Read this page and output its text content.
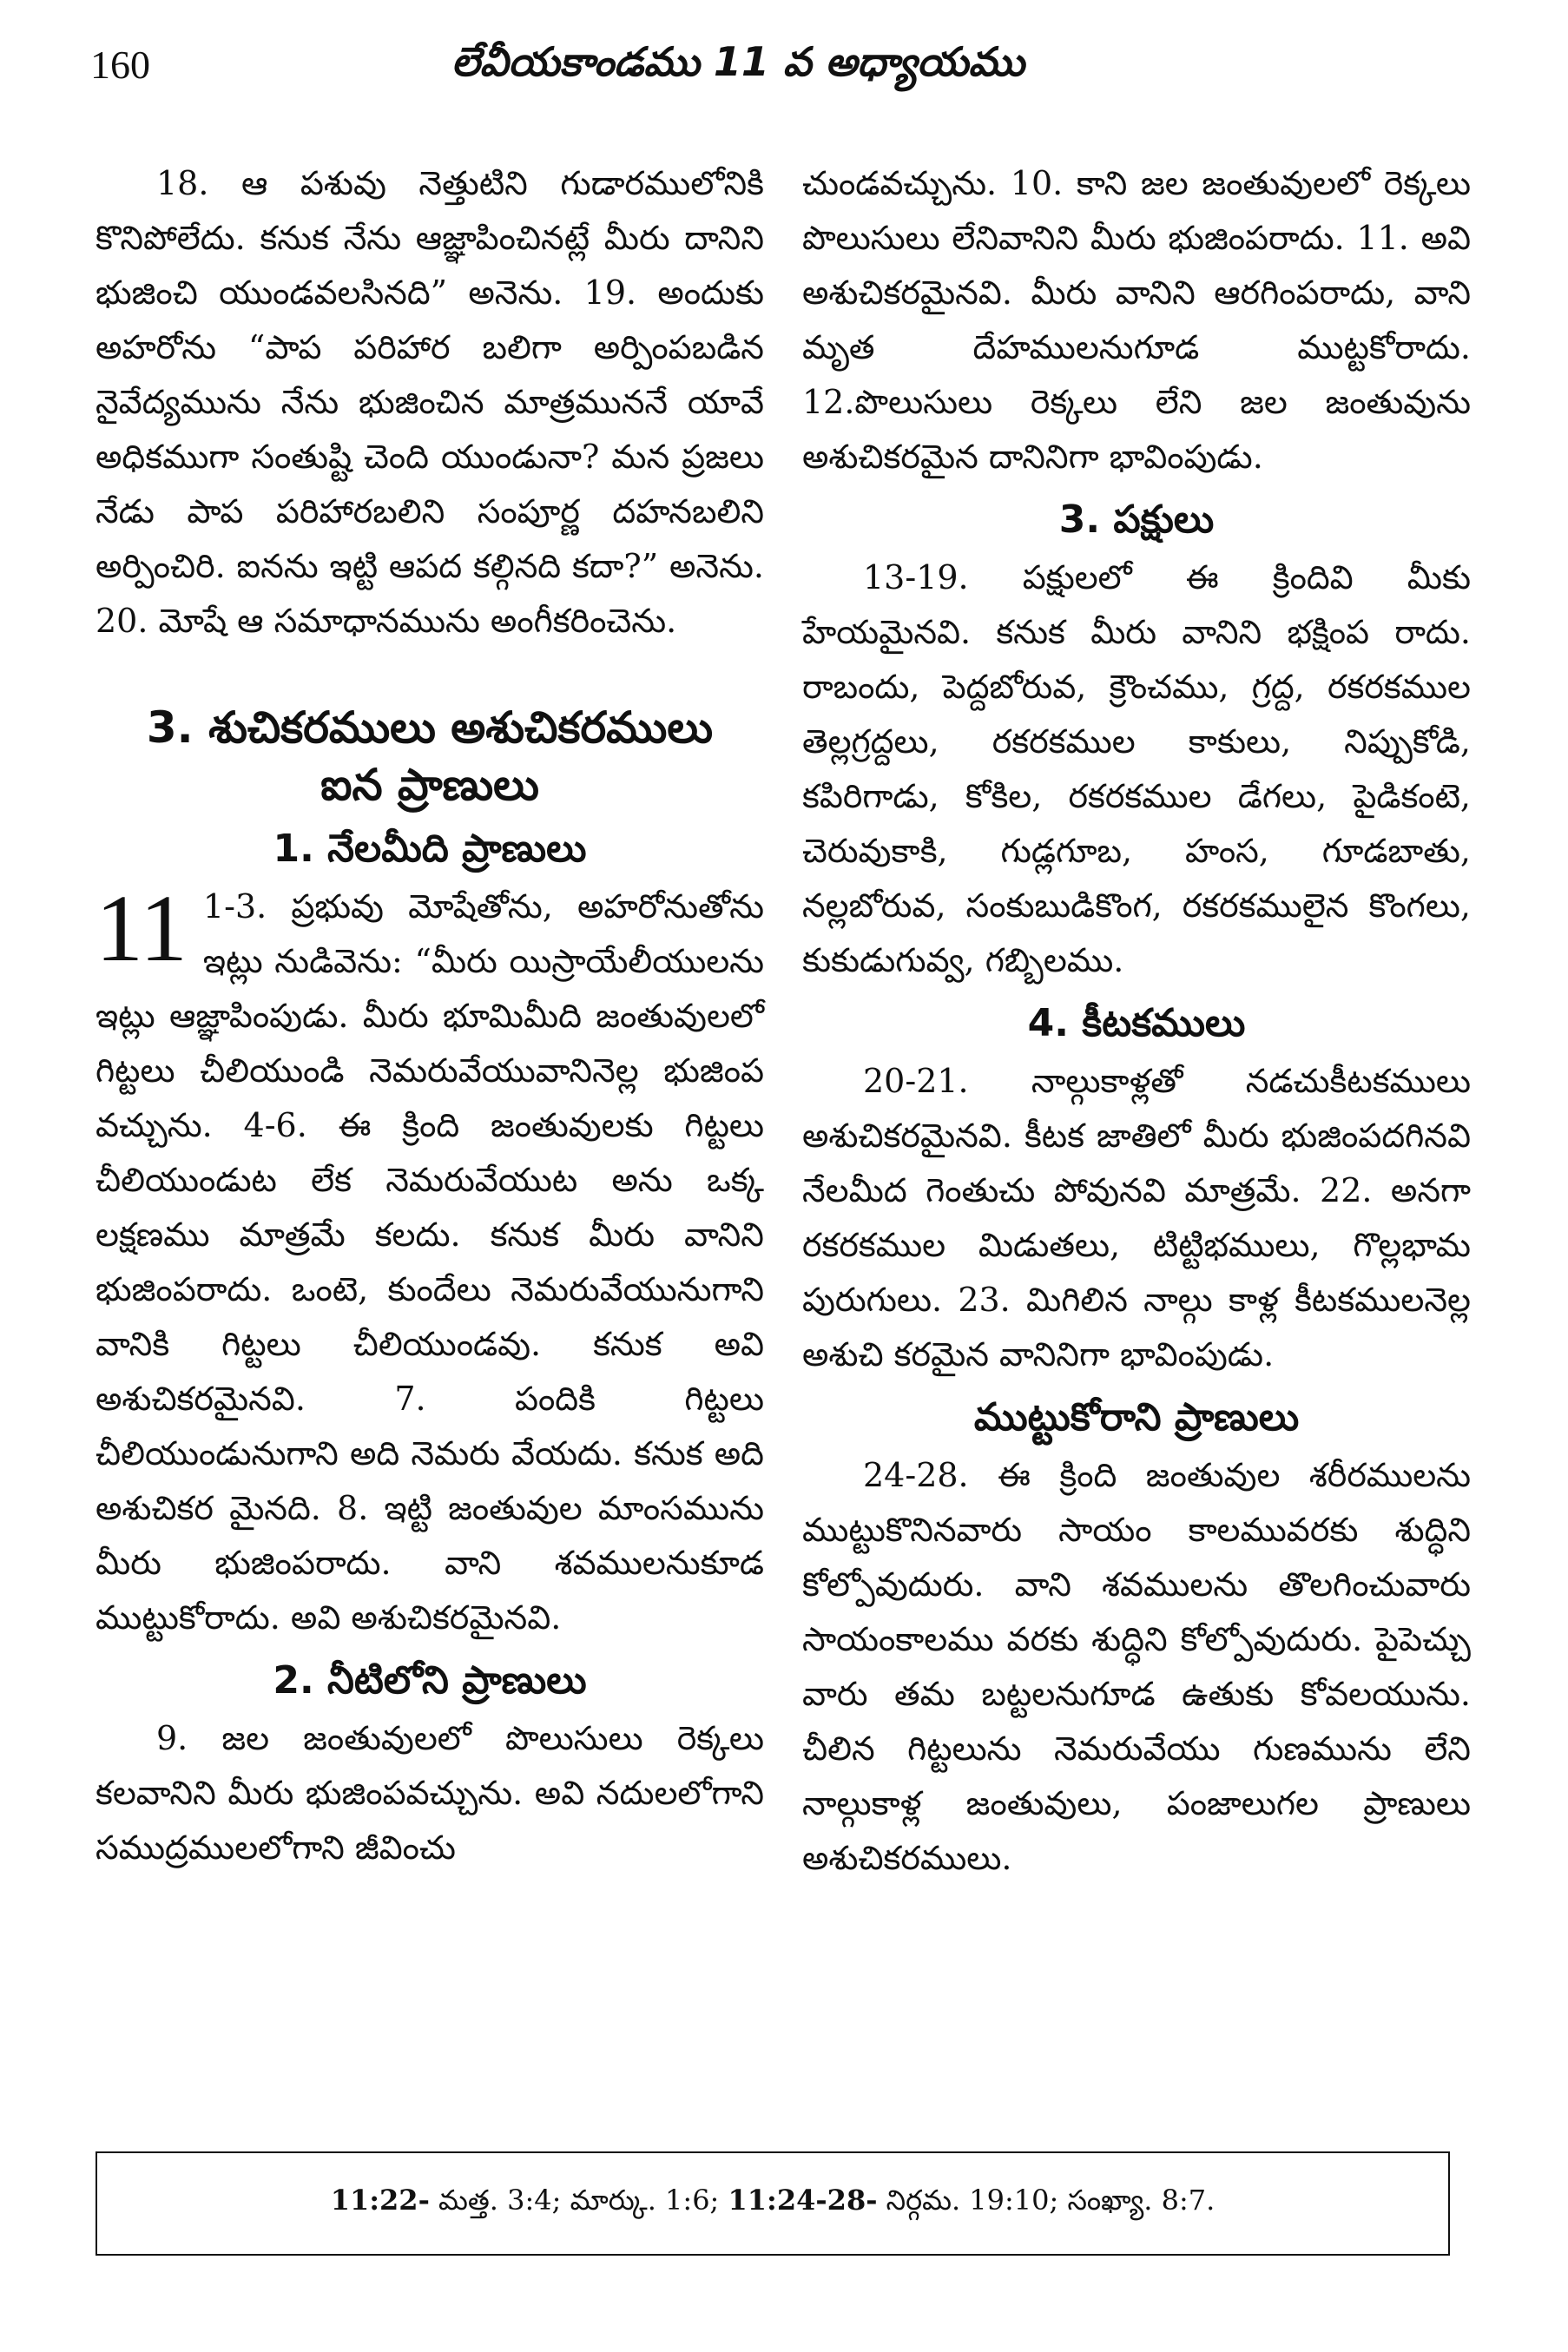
160	లేవీయకాండము 11 వ అధ్యాయము

18. ఆ పశువు నెత్తుటిని గుడారములోనికి కొనిపోలేదు. కనుక నేను ఆజ్ఞాపించినట్లే మీరు దానిని భుజించి యుండవలసినది” అనెను. 19. అందుకు అహరోను “పాప పరిహార బలిగా అర్పింపబడిన నైవేద్యమును నేను భుజించిన మాత్రముననే యావే అధికముగా సంతుష్టి చెంది యుండునా? మన ప్రజలు నేడు పాప పరిహారబలిని సంపూర్ణ దహనబలిని అర్పించిరి. ఐనను ఇట్టి ఆపద కల్గినది కదా?” అనెను. 20. మోషే ఆ సమాధానమును అంగీకరించెను.

3. శుచికరములు అశుచికరములు
ఐన ప్రాణులు
1. నేలమీది ప్రాణులు
11 1-3. ప్రభువు మోషేతోను, అహరోనుతోను ఇట్లు నుడివెను: “మీరు యిస్రాయేలీయులను ఇట్లు ఆజ్ఞాపింపుడు. మీరు భూమిమీది జంతువులలో గిట్టలు చీలియుండి నెమరువేయువానినెల్ల భుజింప వచ్చును. 4-6. ఈ క్రింది జంతువులకు గిట్టలు చీలియుండుట లేక నెమరువేయుట అను ఒక్క లక్షణము మాత్రమే కలదు. కనుక మీరు వానిని భుజింపరాదు. ఒంటె, కుందేలు నెమరువేయునుగాని వానికి గిట్టలు చీలియుండవు. కనుక అవి అశుచికరమైనవి. 7. పందికి గిట్టలు చీలియుండునుగాని అది నెమరు వేయదు. కనుక అది అశుచికర మైనది. 8. ఇట్టి జంతువుల మాంసమును మీరు భుజింపరాదు. వాని శవములనుకూడ ముట్టుకోరాదు. అవి అశుచికరమైనవి.

2. నీటిలోని ప్రాణులు

9. జల జంతువులలో పొలుసులు రెక్కలు కలవానిని మీరు భుజింపవచ్చును. అవి నదులలోగాని సముద్రములలోగాని జీవించు

చుండవచ్చును. 10. కాని జల జంతువులలో రెక్కలు పొలుసులు లేనివానిని మీరు భుజింపరాదు. 11. అవి అశుచికరమైనవి. మీరు వానిని ఆరగింపరాదు, వాని మృత దేహములనుగూడ ముట్టకోరాదు. 12.పొలుసులు రెక్కలు లేని జల జంతువును అశుచికరమైన దానినిగా భావింపుడు.

3. పక్షులు

13-19. పక్షులలో ఈ క్రిందివి మీకు హేయమైనవి. కనుక మీరు వానిని భక్షింప రాదు. రాబందు, పెద్దబోరువ, క్రౌంచము, గ్రద్ద, రకరకముల తెల్లగ్రద్దలు, రకరకముల కాకులు, నిప్పుకోడి, కపిరిగాడు, కోకిల, రకరకముల డేగలు, పైడికంటె, చెరువుకాకి, గుడ్లగూబ, హంస, గూడబాతు, నల్లబోరువ, సంకుబుడికొంగ, రకరకములైన కొంగలు, కుకుడుగువ్వ, గబ్బిలము.

4. కీటకములు

20-21. నాల్గుకాళ్లతో నడచుకీటకములు అశుచికరమైనవి. కీటక జాతిలో మీరు భుజింపదగినవి నేలమీద గెంతుచు పోవునవి మాత్రమే. 22. అనగా రకరకముల మిడుతలు, టిట్టిభములు, గొల్లభామ పురుగులు. 23. మిగిలిన నాల్గు కాళ్ల కీటకములనెల్ల అశుచి కరమైన వానినిగా భావింపుడు.

ముట్టుకోరాని ప్రాణులు

24-28. ఈ క్రింది జంతువుల శరీరములను ముట్టుకొనినవారు సాయం కాలమువరకు శుద్ధిని కోల్పోవుదురు. వాని శవములను తొలగించువారు సాయంకాలము వరకు శుద్ధిని కోల్పోవుదురు. పైపెచ్చు వారు తమ బట్టలనుగూడ ఉతుకు కోవలయును. చీలిన గిట్టలును నెమరువేయు గుణమును లేని నాల్గుకాళ్ల జంతువులు, పంజాలుగల ప్రాణులు అశుచికరములు.

11:22- మత్త. 3:4; మార్కు. 1:6; 11:24-28- నిర్గమ. 19:10; సంఖ్యా. 8:7.
